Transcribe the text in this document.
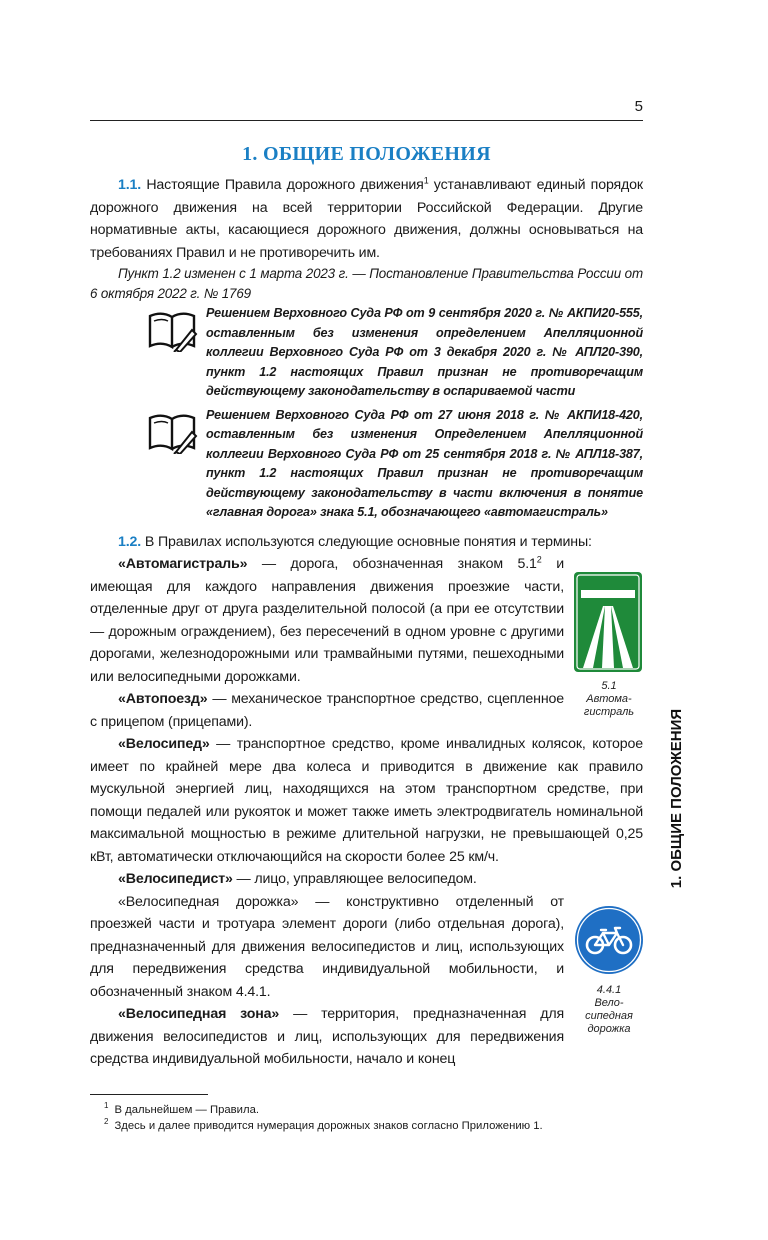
5
1. ОБЩИЕ ПОЛОЖЕНИЯ

1.1. Настоящие Правила дорожного движения$^1$ устанавливают единый порядок дорожного движения на всей территории Российской Федерации. Другие нормативные акты, касающиеся дорожного движения, должны основываться на требованиях Правил и не противоречить им.

Пункт 1.2 изменен с 1 марта 2023 г. — Постановление Правительства России от 6 октября 2022 г. № 1769

Решением Верховного Суда РФ от 9 сентября 2020 г. № АКПИ20-555, оставленным без изменения определением Апелляционной коллегии Верховного Суда РФ от 3 декабря 2020 г. № АПЛ20-390, пункт 1.2 настоящих Правил признан не противоречащим действующему законодательству в оспариваемой части
Решением Верховного Суда РФ от 27 июня 2018 г. № АКПИ18-420, оставленным без изменения Определением Апелляционной коллегии Верховного Суда РФ от 25 сентября 2018 г. № АПЛ18-387, пункт 1.2 настоящих Правил признан не противоречащим действующему законодательству в части включения в понятие «главная дорога» знака 5.1, обозначающего «автомагистраль»

1.2. В Правилах используются следующие основные понятия и термины:

«Автомагистраль» — дорога, обозначенная знаком $5.1^2$ и имеющая для каждого направления движения проезжие части, отделенные друг от друга разделительной полосой (а при ее отсутствии — дорожным ограждением), без пересечений в одном уровне с другими дорогами, железнодорожными или трамвайными путями, пешеходными или велосипедными дорожками.

«Автопоезд» — механическое транспортное средство, сцепленное с прицепом (прицепами).

«Велосипед» — транспортное средство, кроме инвалидных колясок, которое имеет по крайней мере два колеса и приводится в движение как правило мускульной энергией лиц, находящихся на этом транспортном средстве, при помощи педалей или рукояток и может также иметь электродвигатель номинальной максимальной мощностью в режиме длительной нагрузки, не превышающей 0,25 кВт, автоматически отключающийся на скорости более 25 км/ч.

«Велосипедист» — лицо, управляющее велосипедом.

«Велосипедная дорожка» — конструктивно отделенный от проезжей части и тротуара элемент дороги (либо отдельная дорога), предназначенный для движения велосипедистов и лиц, использующих для передвижения средства индивидуальной мобильности, и обозначенный знаком 4.4.1.

«Велосипедная зона» — территория, предназначенная для движения велосипедистов и лиц, использующих для передвижения средства индивидуальной мобильности, начало и конец

5.1
Автома-
гистраль
4.4.1
Вело-
сипедная
дорожка
1. ОБЩИЕ ПОЛОЖЕНИЯ
$^1$ В дальнейшем — Правила.
$^2$ Здесь и далее приводится нумерация дорожных знаков согласно Приложению 1.
